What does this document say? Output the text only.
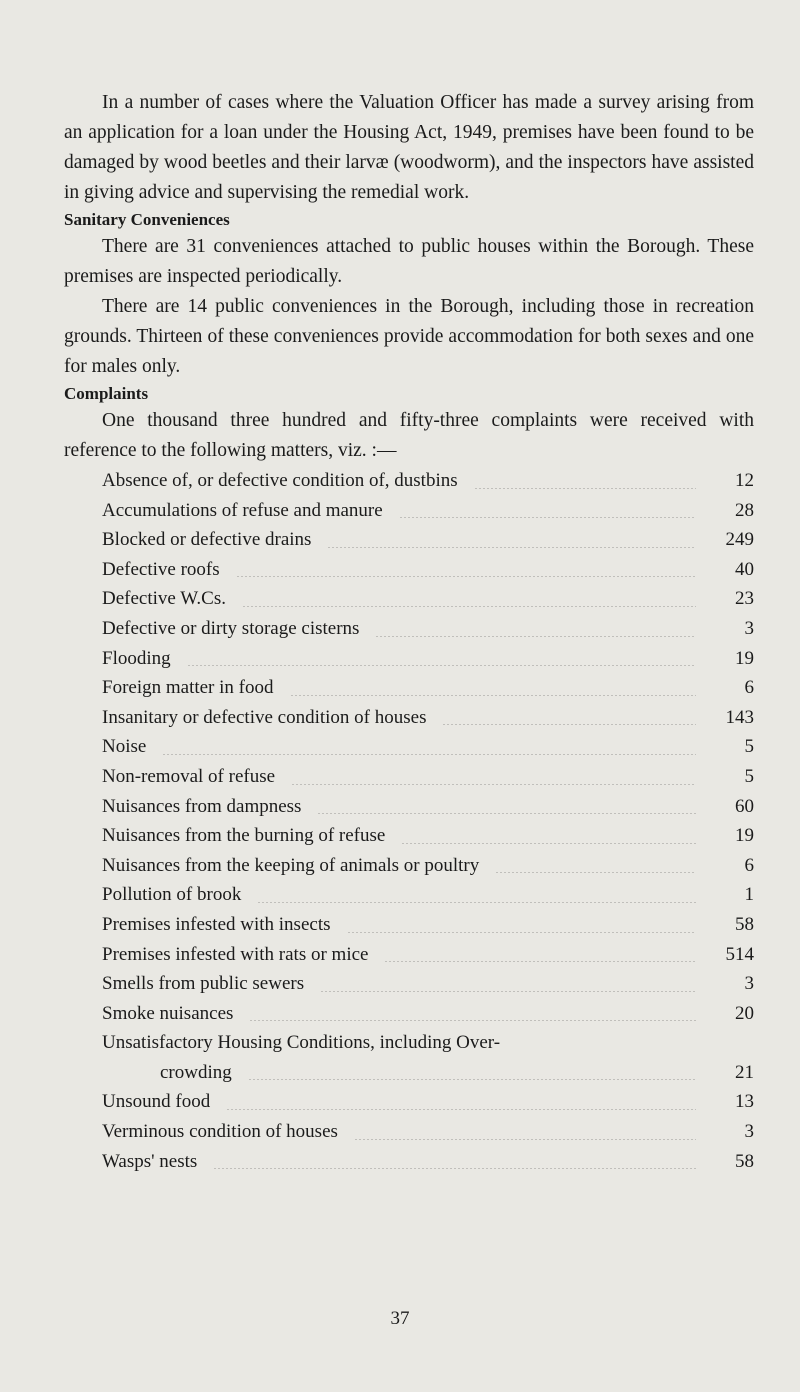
In a number of cases where the Valuation Officer has made a survey arising from an application for a loan under the Housing Act, 1949, premises have been found to be damaged by wood beetles and their larvæ (woodworm), and the inspectors have assisted in giving advice and supervising the remedial work.

Sanitary Conveniences

There are 31 conveniences attached to public houses within the Borough. These premises are inspected periodically.

There are 14 public conveniences in the Borough, including those in recreation grounds. Thirteen of these conveniences provide accommodation for both sexes and one for males only.

Complaints

One thousand three hundred and fifty-three complaints were received with reference to the following matters, viz. :—

Absence of, or defective condition of, dustbins	12
Accumulations of refuse and manure	28
Blocked or defective drains	249
Defective roofs	40
Defective W.Cs.	23
Defective or dirty storage cisterns	3
Flooding	19
Foreign matter in food	6
Insanitary or defective condition of houses	143
Noise	5
Non-removal of refuse	5
Nuisances from dampness	60
Nuisances from the burning of refuse	19
Nuisances from the keeping of animals or poultry	6
Pollution of brook	1
Premises infested with insects	58
Premises infested with rats or mice	514
Smells from public sewers	3
Smoke nuisances	20
Unsatisfactory Housing Conditions, including Over-
crowding	21
Unsound food	13
Verminous condition of houses	3
Wasps' nests	58
37
